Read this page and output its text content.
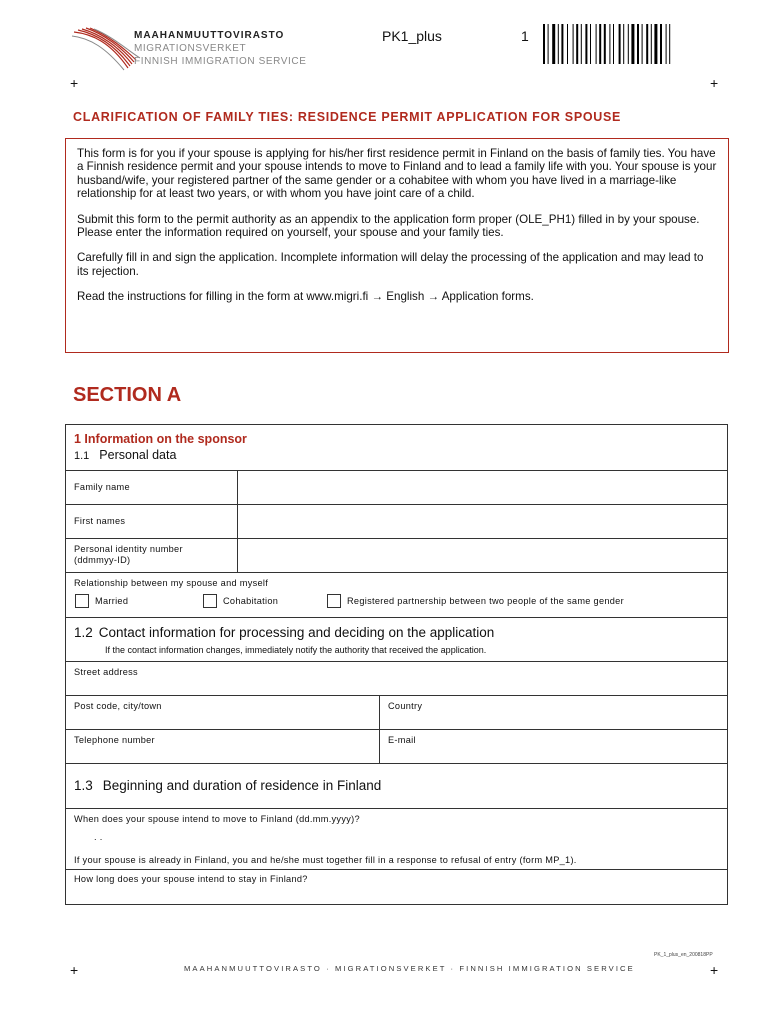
MAAHANMUUTTOVIRASTO
MIGRATIONSVERKET
FINNISH IMMIGRATION SERVICE
PK1_plus	1
+	+
CLARIFICATION OF FAMILY TIES: RESIDENCE PERMIT APPLICATION FOR SPOUSE

This form is for you if your spouse is applying for his/her first residence permit in Finland on the basis of family ties. You have a Finnish residence permit and your spouse intends to move to Finland and to lead a family life with you. Your spouse is your husband/wife, your registered partner of the same gender or a cohabitee with whom you have lived in a marriage-like relationship for at least two years, or with whom you have joint care of a child.

Submit this form to the permit authority as an appendix to the application form proper (OLE_PH1) filled in by your spouse. Please enter the information required on yourself, your spouse and your family ties.

Carefully fill in and sign the application. Incomplete information will delay the processing of the application and may lead to its rejection.

Read the instructions for filling in the form at www.migri.fi → English → Application forms.

SECTION A
1 Information on the sponsor
1.1 Personal data
Family name
First names
Personal identity number
(ddmmyy-ID)
Relationship between my spouse and myself
Married	Cohabitation	Registered partnership between two people of the same gender
1.2 Contact information for processing and deciding on the application
If the contact information changes, immediately notify the authority that received the application.
Street address
Post code, city/town	Country
Telephone number	E-mail
1.3 Beginning and duration of residence in Finland
When does your spouse intend to move to Finland (dd.mm.yyyy)?
. .
If your spouse is already in Finland, you and he/she must together fill in a response to refusal of entry (form MP_1).
How long does your spouse intend to stay in Finland?
PK_1_plus_en_200818PP
+	MAAHANMUUTTOVIRASTO · MIGRATIONSVERKET · FINNISH IMMIGRATION SERVICE	+
